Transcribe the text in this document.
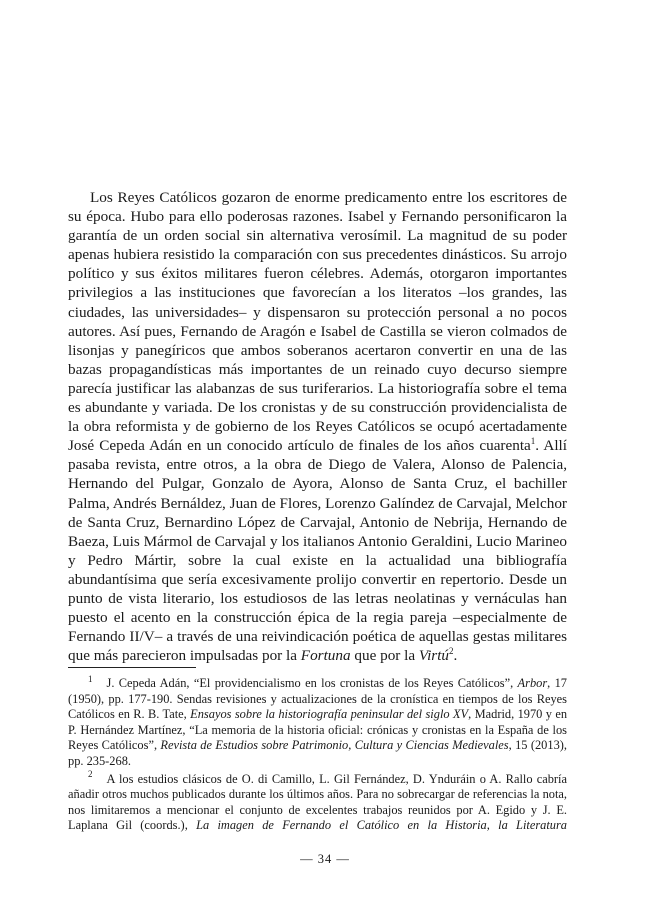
Los Reyes Católicos gozaron de enorme predicamento entre los escritores de su época. Hubo para ello poderosas razones. Isabel y Fernando personificaron la garantía de un orden social sin alternativa verosímil. La magnitud de su poder apenas hubiera resistido la comparación con sus precedentes dinásticos. Su arrojo político y sus éxitos militares fueron célebres. Además, otorgaron importantes privilegios a las instituciones que favorecían a los literatos –los grandes, las ciudades, las universidades– y dispensaron su protección personal a no pocos autores. Así pues, Fernando de Aragón e Isabel de Castilla se vieron colmados de lisonjas y panegíricos que ambos soberanos acertaron convertir en una de las bazas propagandísticas más importantes de un reinado cuyo decurso siempre parecía justificar las alabanzas de sus turiferarios. La historiografía sobre el tema es abundante y variada. De los cronistas y de su construcción providencialista de la obra reformista y de gobierno de los Reyes Católicos se ocupó acertadamente José Cepeda Adán en un conocido artículo de finales de los años cuarenta$^1$. Allí pasaba revista, entre otros, a la obra de Diego de Valera, Alonso de Palencia, Hernando del Pulgar, Gonzalo de Ayora, Alonso de Santa Cruz, el bachiller Palma, Andrés Bernáldez, Juan de Flores, Lorenzo Galíndez de Carvajal, Melchor de Santa Cruz, Bernardino López de Carvajal, Antonio de Nebrija, Hernando de Baeza, Luis Mármol de Carvajal y los italianos Antonio Geraldini, Lucio Marineo y Pedro Mártir, sobre la cual existe en la actualidad una bibliografía abundantísima que sería excesivamente prolijo convertir en repertorio. Desde un punto de vista literario, los estudiosos de las letras neolatinas y vernáculas han puesto el acento en la construcción épica de la regia pareja –especialmente de Fernando II/V– a través de una reivindicación poética de aquellas gestas militares que más parecieron impulsadas por la Fortuna que por la Virtú$^2$.

$^1$ J. Cepeda Adán, “El providencialismo en los cronistas de los Reyes Católicos”, Arbor, 17 (1950), pp. 177-190. Sendas revisiones y actualizaciones de la cronística en tiempos de los Reyes Católicos en R. B. Tate, Ensayos sobre la historiografía peninsular del siglo XV, Madrid, 1970 y en P. Hernández Martínez, “La memoria de la historia oficial: crónicas y cronistas en la España de los Reyes Católicos”, Revista de Estudios sobre Patrimonio, Cultura y Ciencias Medievales, 15 (2013), pp. 235-268.

$^2$ A los estudios clásicos de O. di Camillo, L. Gil Fernández, D. Ynduráin o A. Rallo cabría añadir otros muchos publicados durante los últimos años. Para no sobrecargar de referencias la nota, nos limitaremos a mencionar el conjunto de excelentes trabajos reunidos por A. Egido y J. E. Laplana Gil (coords.), La imagen de Fernando el Católico en la Historia, la Literatura

— 34 —
